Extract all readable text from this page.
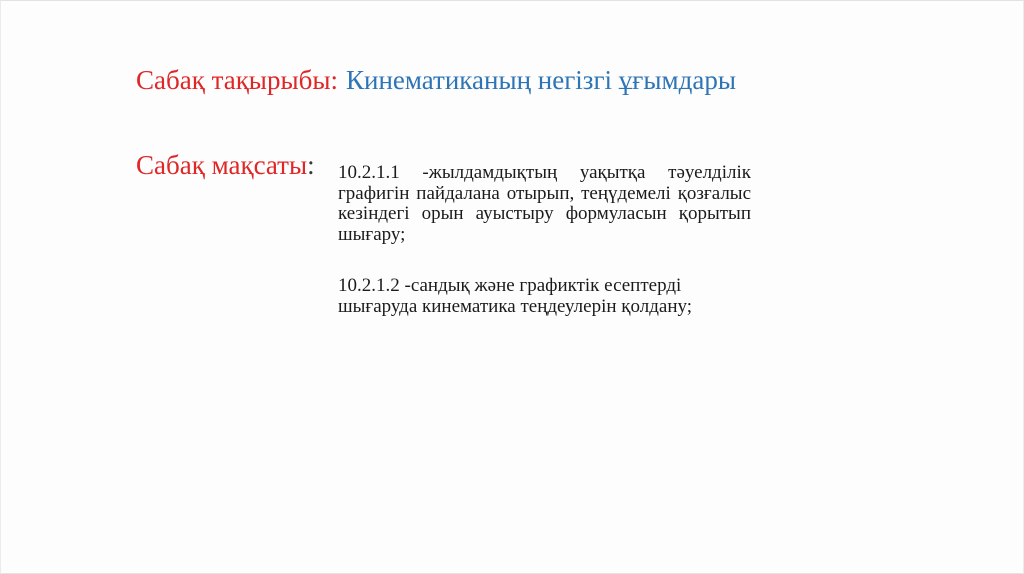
Сабақ тақырыбы: Кинематиканың негізгі ұғымдары
Сабақ мақсаты: 10.2.1.1 -жылдамдықтың уақытқа тәуелділік
графигін пайдалана отырып, теңүдемелі қозғалыс
кезіндегі орын ауыстыру формуласын қорытып
шығару;
10.2.1.2 -сандық және графиктік есептерді
шығаруда кинематика теңдеулерін қолдану;
